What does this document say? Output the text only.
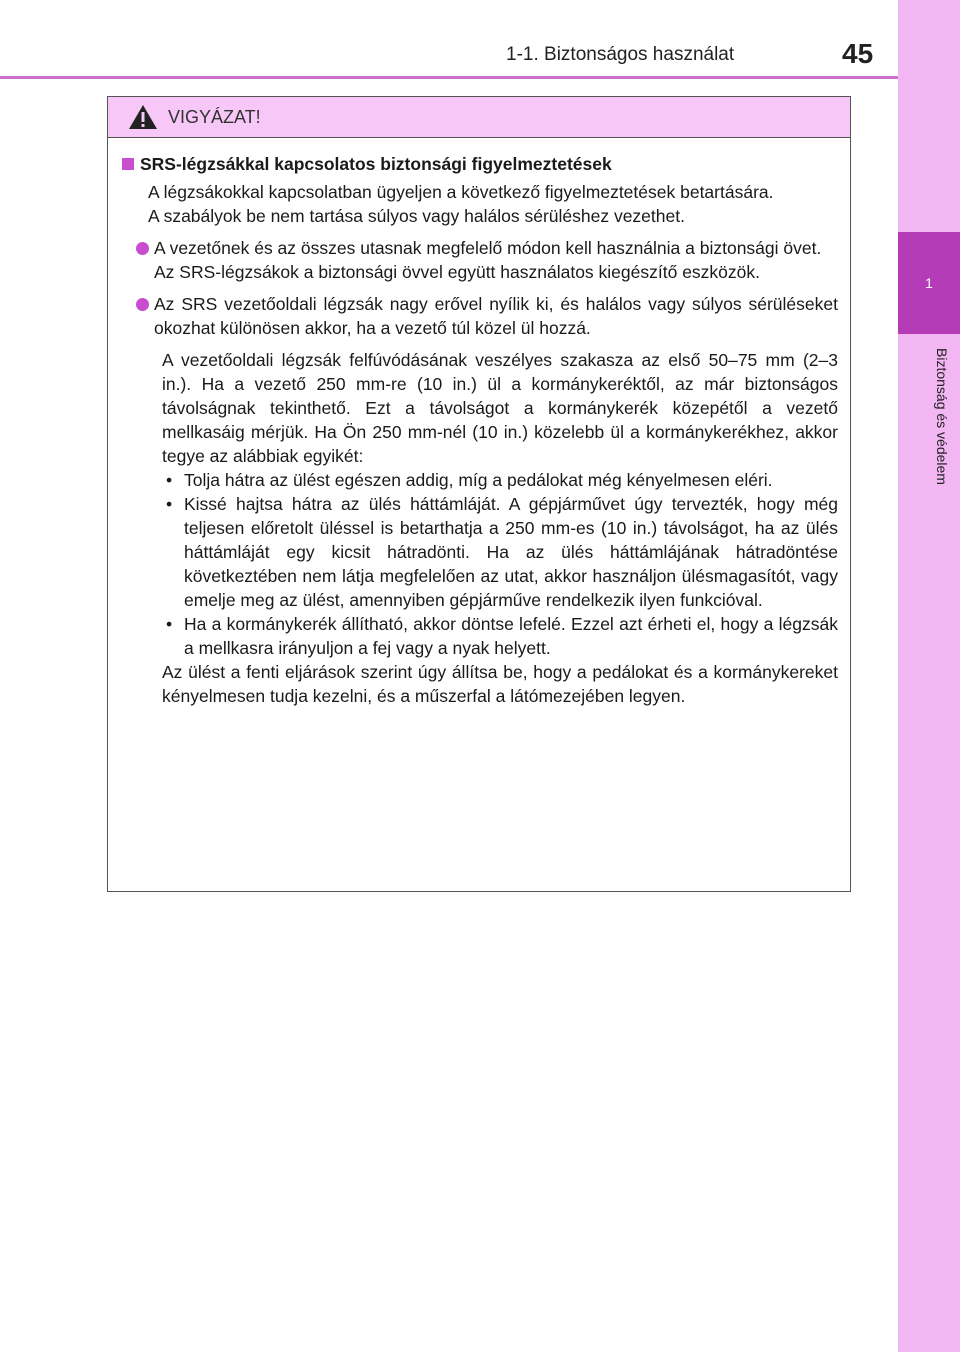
1
Biztonság és védelem
1-1. Biztonságos használat	45
VIGYÁZAT!
SRS-légzsákkal kapcsolatos biztonsági figyelmeztetések
A légzsákokkal kapcsolatban ügyeljen a következő figyelmeztetések betartására.
A szabályok be nem tartása súlyos vagy halálos sérüléshez vezethet.
A vezetőnek és az összes utasnak megfelelő módon kell használnia a biztonsági övet.
Az SRS-légzsákok a biztonsági övvel együtt használatos kiegészítő eszközök.
Az SRS vezetőoldali légzsák nagy erővel nyílik ki, és halálos vagy súlyos sérüléseket okozhat különösen akkor, ha a vezető túl közel ül hozzá.
A vezetőoldali légzsák felfúvódásának veszélyes szakasza az első 50–75 mm (2–3 in.). Ha a vezető 250 mm-re (10 in.) ül a kormánykeréktől, az már biztonságos távolságnak tekinthető. Ezt a távolságot a kormánykerék közepétől a vezető mellkasáig mérjük. Ha Ön 250 mm-nél (10 in.) közelebb ül a kormánykerékhez, akkor tegye az alábbiak egyikét:
• Tolja hátra az ülést egészen addig, míg a pedálokat még kényelmesen eléri.
• Kissé hajtsa hátra az ülés háttámláját. A gépjárművet úgy tervezték, hogy még teljesen előretolt üléssel is betarthatja a 250 mm-es (10 in.) távolságot, ha az ülés háttámláját egy kicsit hátradönti. Ha az ülés háttámlájának hátradöntése következtében nem látja megfelelően az utat, akkor használjon ülésmagasítót, vagy emelje meg az ülést, amennyiben gépjárműve rendelkezik ilyen funkcióval.
• Ha a kormánykerék állítható, akkor döntse lefelé. Ezzel azt érheti el, hogy a légzsák a mellkasra irányuljon a fej vagy a nyak helyett.
Az ülést a fenti eljárások szerint úgy állítsa be, hogy a pedálokat és a kormánykereket kényelmesen tudja kezelni, és a műszerfal a látómezejében legyen.
